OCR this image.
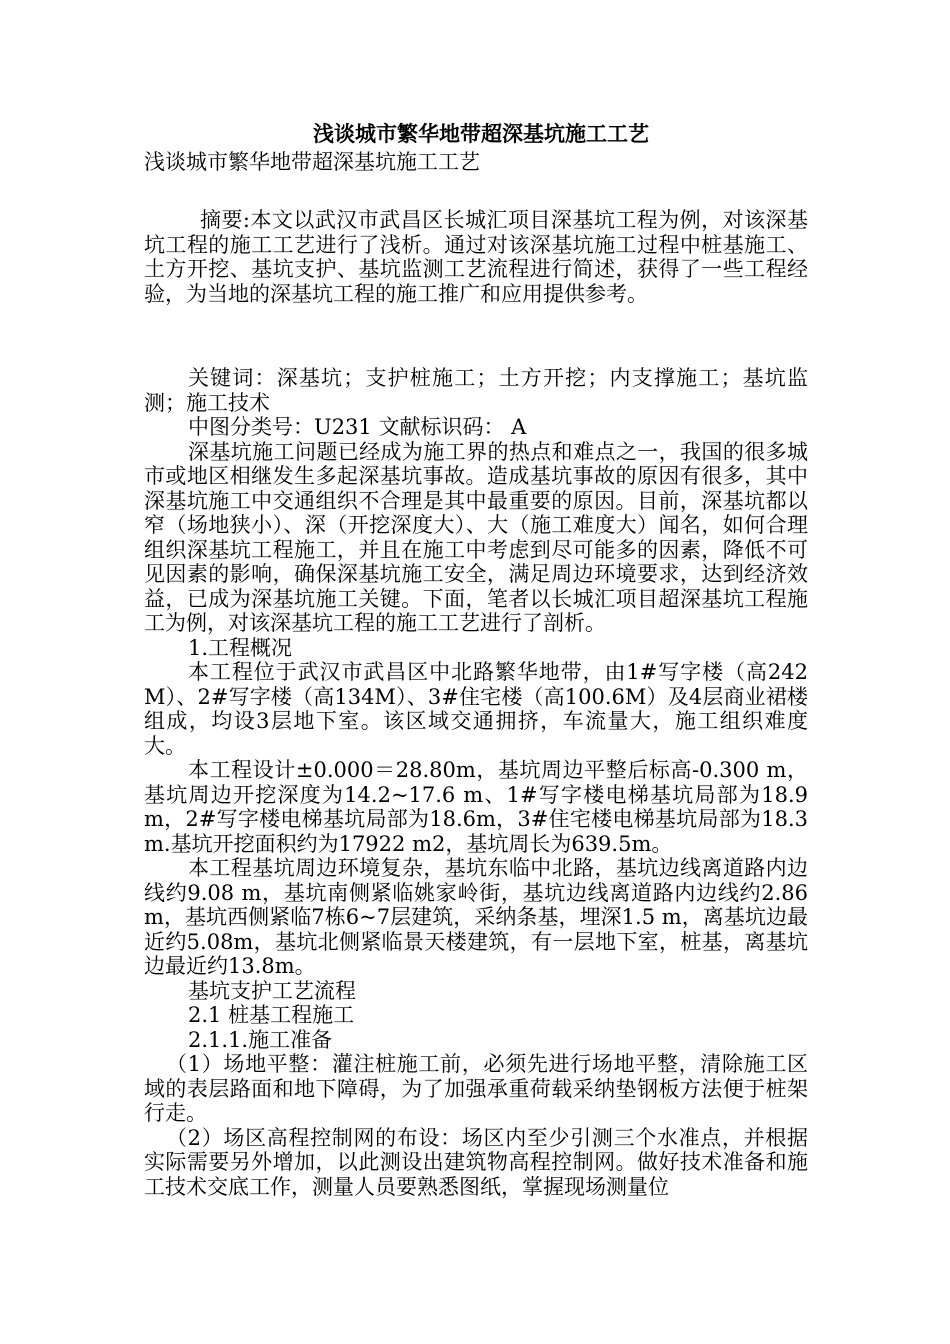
浅谈城市繁华地带超深基坑施工工艺

浅谈城市繁华地带超深基坑施工工艺

摘要:本文以武汉市武昌区长城汇项目深基坑工程为例，对该深基坑工程的施工工艺进行了浅析。通过对该深基坑施工过程中桩基施工、土方开挖、基坑支护、基坑监测工艺流程进行简述，获得了一些工程经验，为当地的深基坑工程的施工推广和应用提供参考。

关键词：深基坑；支护桩施工；土方开挖；内支撑施工；基坑监测；施工技术

中图分类号：U231 文献标识码： A

深基坑施工问题已经成为施工界的热点和难点之一，我国的很多城市或地区相继发生多起深基坑事故。造成基坑事故的原因有很多，其中深基坑施工中交通组织不合理是其中最重要的原因。目前，深基坑都以窄（场地狭小）、深（开挖深度大）、大（施工难度大）闻名，如何合理组织深基坑工程施工，并且在施工中考虑到尽可能多的因素，降低不可见因素的影响，确保深基坑施工安全，满足周边环境要求，达到经济效益，已成为深基坑施工关键。下面，笔者以长城汇项目超深基坑工程施工为例，对该深基坑工程的施工工艺进行了剖析。

1.工程概况

本工程位于武汉市武昌区中北路繁华地带，由1#写字楼（高242M）、2#写字楼（高134M）、3#住宅楼（高100.6M）及4层商业裙楼组成，均设3层地下室。该区域交通拥挤，车流量大，施工组织难度大。

本工程设计±0.000＝28.80m，基坑周边平整后标高-0.300 m，基坑周边开挖深度为14.2~17.6 m、1#写字楼电梯基坑局部为18.9m，2#写字楼电梯基坑局部为18.6m，3#住宅楼电梯基坑局部为18.3m.基坑开挖面积约为17922 m2，基坑周长为639.5m。

本工程基坑周边环境复杂，基坑东临中北路，基坑边线离道路内边线约9.08 m，基坑南侧紧临姚家岭街，基坑边线离道路内边线约2.86m，基坑西侧紧临7栋6~7层建筑，采纳条基，埋深1.5 m，离基坑边最近约5.08m，基坑北侧紧临景天楼建筑，有一层地下室，桩基，离基坑边最近约13.8m。

基坑支护工艺流程

2.1 桩基工程施工

2.1.1.施工准备

（1）场地平整：灌注桩施工前，必须先进行场地平整，清除施工区域的表层路面和地下障碍，为了加强承重荷载采纳垫钢板方法便于桩架行走。

（2）场区高程控制网的布设：场区内至少引测三个水准点，并根据实际需要另外增加，以此测设出建筑物高程控制网。做好技术准备和施工技术交底工作，测量人员要熟悉图纸，掌握现场测量位
